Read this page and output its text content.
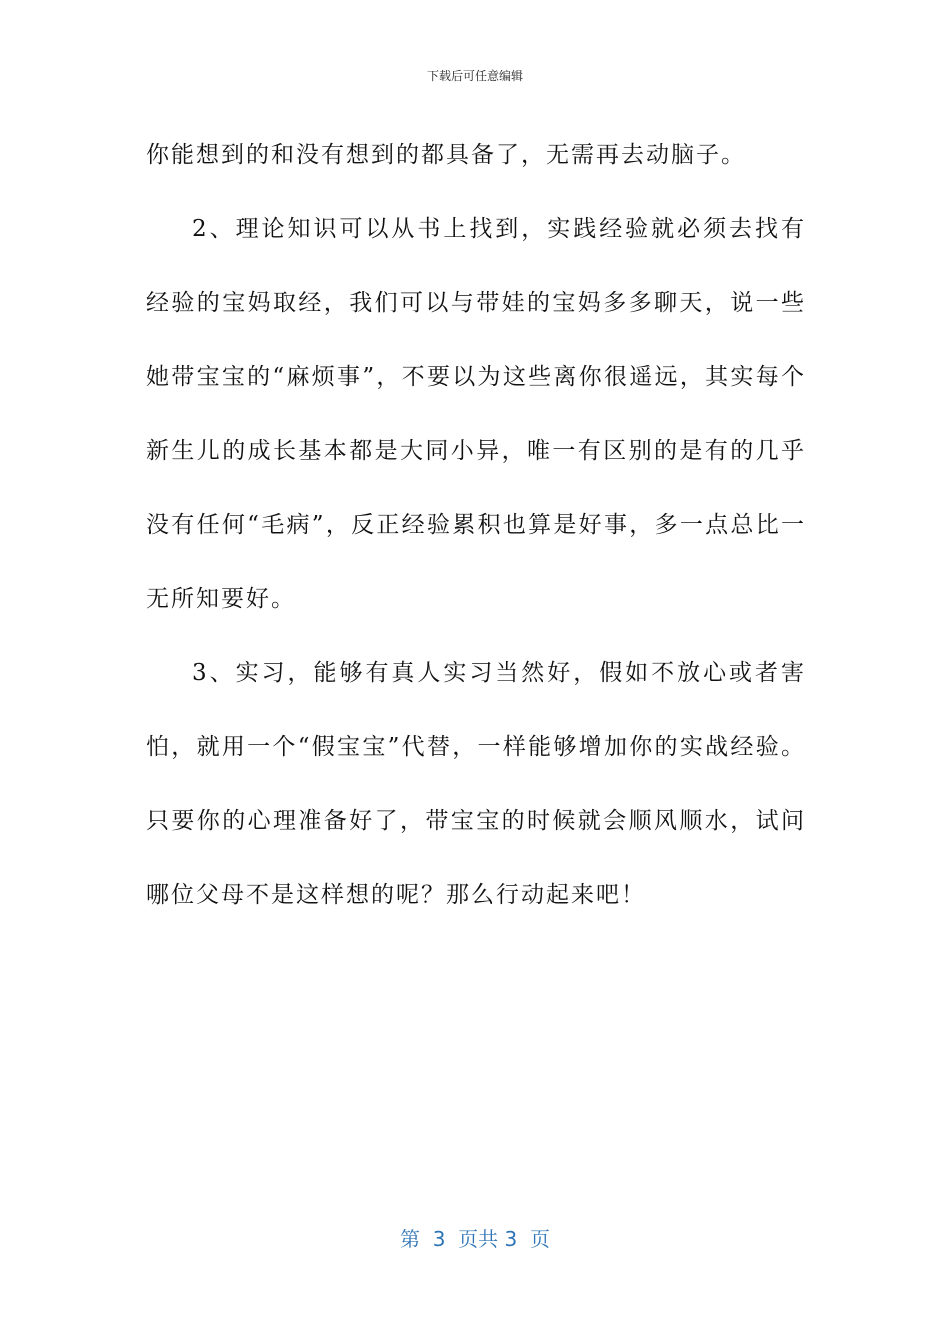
下载后可任意编辑

你能想到的和没有想到的都具备了，无需再去动脑子。

2、理论知识可以从书上找到，实践经验就必须去找有经验的宝妈取经，我们可以与带娃的宝妈多多聊天，说一些她带宝宝的“麻烦事”，不要以为这些离你很遥远，其实每个新生儿的成长基本都是大同小异，唯一有区别的是有的几乎没有任何“毛病”，反正经验累积也算是好事，多一点总比一无所知要好。

3、实习，能够有真人实习当然好，假如不放心或者害怕，就用一个“假宝宝”代替，一样能够增加你的实战经验。只要你的心理准备好了，带宝宝的时候就会顺风顺水，试问哪位父母不是这样想的呢？那么行动起来吧！

第  3  页共 3  页
